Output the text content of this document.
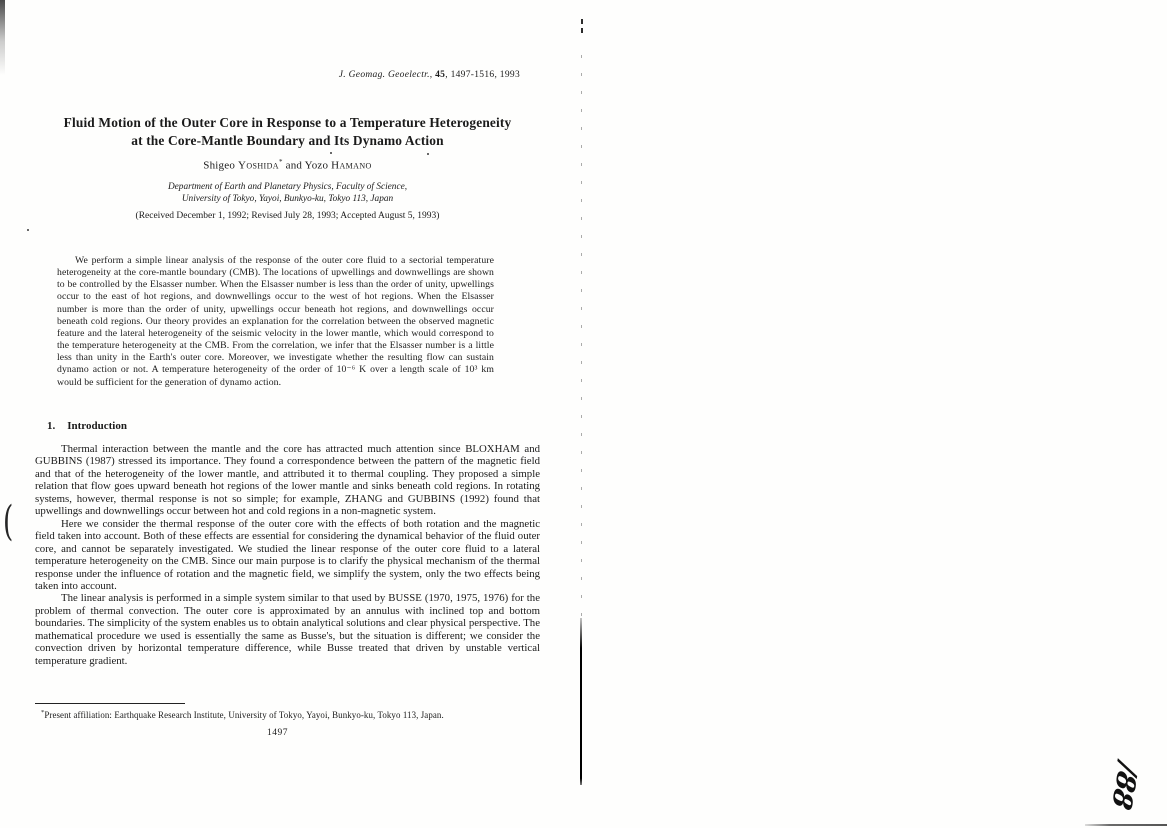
J. Geomag. Geoelectr., 45, 1497-1516, 1993
Fluid Motion of the Outer Core in Response to a Temperature Heterogeneity
at the Core-Mantle Boundary and Its Dynamo Action
Shigeo Yoshida* and Yozo Hamano
Department of Earth and Planetary Physics, Faculty of Science,
University of Tokyo, Yayoi, Bunkyo-ku, Tokyo 113, Japan
(Received December 1, 1992; Revised July 28, 1993; Accepted August 5, 1993)
We perform a simple linear analysis of the response of the outer core fluid to a sectorial temperature heterogeneity at the core-mantle boundary (CMB). The locations of upwellings and downwellings are shown to be controlled by the Elsasser number. When the Elsasser number is less than the order of unity, upwellings occur to the east of hot regions, and downwellings occur to the west of hot regions. When the Elsasser number is more than the order of unity, upwellings occur beneath hot regions, and downwellings occur beneath cold regions. Our theory provides an explanation for the correlation between the observed magnetic feature and the lateral heterogeneity of the seismic velocity in the lower mantle, which would correspond to the temperature heterogeneity at the CMB. From the correlation, we infer that the Elsasser number is a little less than unity in the Earth's outer core. Moreover, we investigate whether the resulting flow can sustain dynamo action or not. A temperature heterogeneity of the order of 10⁻⁶ K over a length scale of 10³ km would be sufficient for the generation of dynamo action.
1. Introduction

Thermal interaction between the mantle and the core has attracted much attention since BLOXHAM and GUBBINS (1987) stressed its importance. They found a correspondence between the pattern of the magnetic field and that of the heterogeneity of the lower mantle, and attributed it to thermal coupling. They proposed a simple relation that flow goes upward beneath hot regions of the lower mantle and sinks beneath cold regions. In rotating systems, however, thermal response is not so simple; for example, ZHANG and GUBBINS (1992) found that upwellings and downwellings occur between hot and cold regions in a non-magnetic system.

Here we consider the thermal response of the outer core with the effects of both rotation and the magnetic field taken into account. Both of these effects are essential for considering the dynamical behavior of the fluid outer core, and cannot be separately investigated. We studied the linear response of the outer core fluid to a lateral temperature heterogeneity on the CMB. Since our main purpose is to clarify the physical mechanism of the thermal response under the influence of rotation and the magnetic field, we simplify the system, only the two effects being taken into account.

The linear analysis is performed in a simple system similar to that used by BUSSE (1970, 1975, 1976) for the problem of thermal convection. The outer core is approximated by an annulus with inclined top and bottom boundaries. The simplicity of the system enables us to obtain analytical solutions and clear physical perspective. The mathematical procedure we used is essentially the same as Busse's, but the situation is different; we consider the convection driven by horizontal temperature difference, while Busse treated that driven by unstable vertical temperature gradient.

*Present affiliation: Earthquake Research Institute, University of Tokyo, Yayoi, Bunkyo-ku, Tokyo 113, Japan.
1497
(
/88
